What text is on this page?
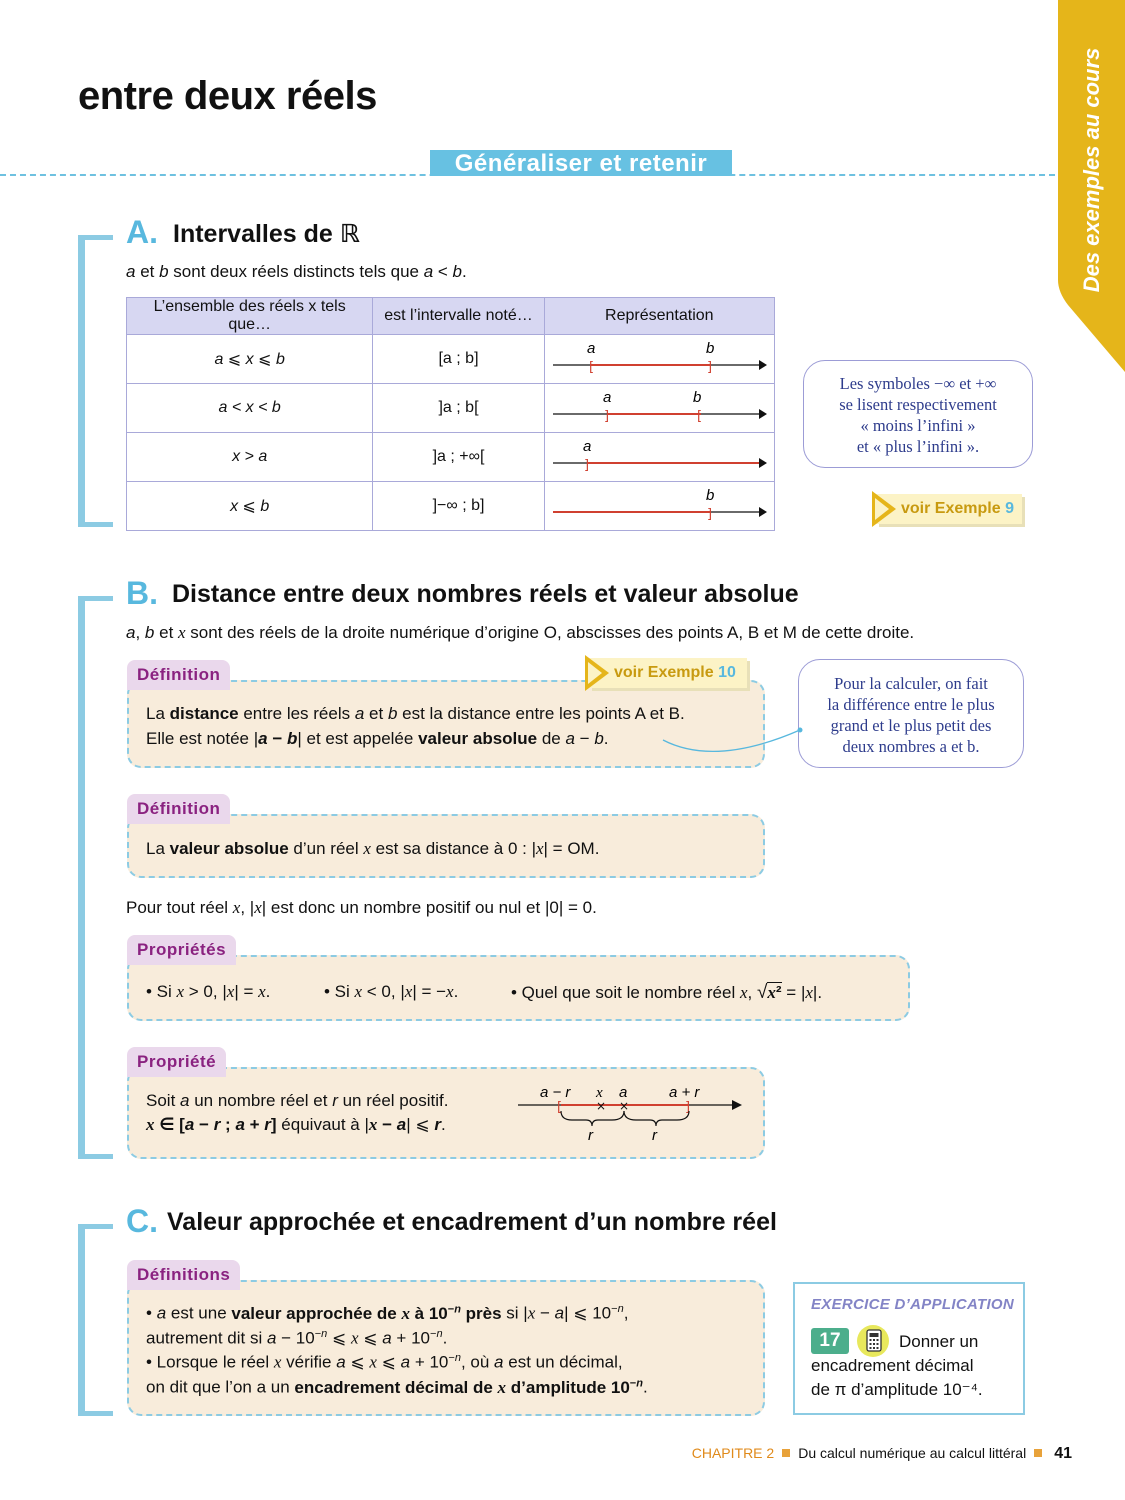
entre deux réels
Généraliser et retenir	Des exemples au cours
A. Intervalles de ℝ
a et b sont deux réels distincts tels que a < b.
L’ensemble des réels x tels que…	est l’intervalle noté…	Représentation
a ⩽ x ⩽ b	[a ; b]	[ ]
a b

a < x < b	]a ; b[	] [
a b

x > a	]a ; +∞[	]
a

x ⩽ b	]−∞ ; b]	]
b
Les symboles −∞ et +∞
se lisent respectivement
« moins l’infini »
et « plus l’infini ».
voir Exemple 9
B. Distance entre deux nombres réels et valeur absolue
a, b et x sont des réels de la droite numérique d’origine O, abscisses des points A, B et M de cette droite.
Définition
La distance entre les réels a et b est la distance entre les points A et B.
Elle est notée |a − b| et est appelée valeur absolue de a − b.
voir Exemple 10
Pour la calculer, on fait
la différence entre le plus
grand et le plus petit des
deux nombres a et b.
Définition
La valeur absolue d’un réel x est sa distance à 0 : |x| = OM.
Pour tout réel x, |x| est donc un nombre positif ou nul et |0| = 0.
Propriétés
• Si x > 0, |x| = x.	• Si x < 0, |x| = −x.	• Quel que soit le nombre réel x, √x² = |x|.
Propriété
Soit a un nombre réel et r un réel positif.
x ∈ [a − r ; a + r] équivaut à |x − a| ⩽ r.
[	]
× ×
a − r x a	a + r
r	r
C. Valeur approchée et encadrement d’un nombre réel
Définitions
• a est une valeur approchée de x à $10^{-n}$ près si |x − a| ⩽ $10^{-n}$,
autrement dit si $a - 10^{-n}$ ⩽ x ⩽ $a + 10^{-n}$.
• Lorsque le réel x vérifie a ⩽ x ⩽ $a + 10^{-n}$, où a est un décimal,
on dit que l’on a un encadrement décimal de x d’amplitude $10^{-n}$.
EXERCICE D’APPLICATION
17	Donner un
encadrement décimal
de π d’amplitude 10⁻⁴.
CHAPITRE 2 Du calcul numérique au calcul littéral 41
